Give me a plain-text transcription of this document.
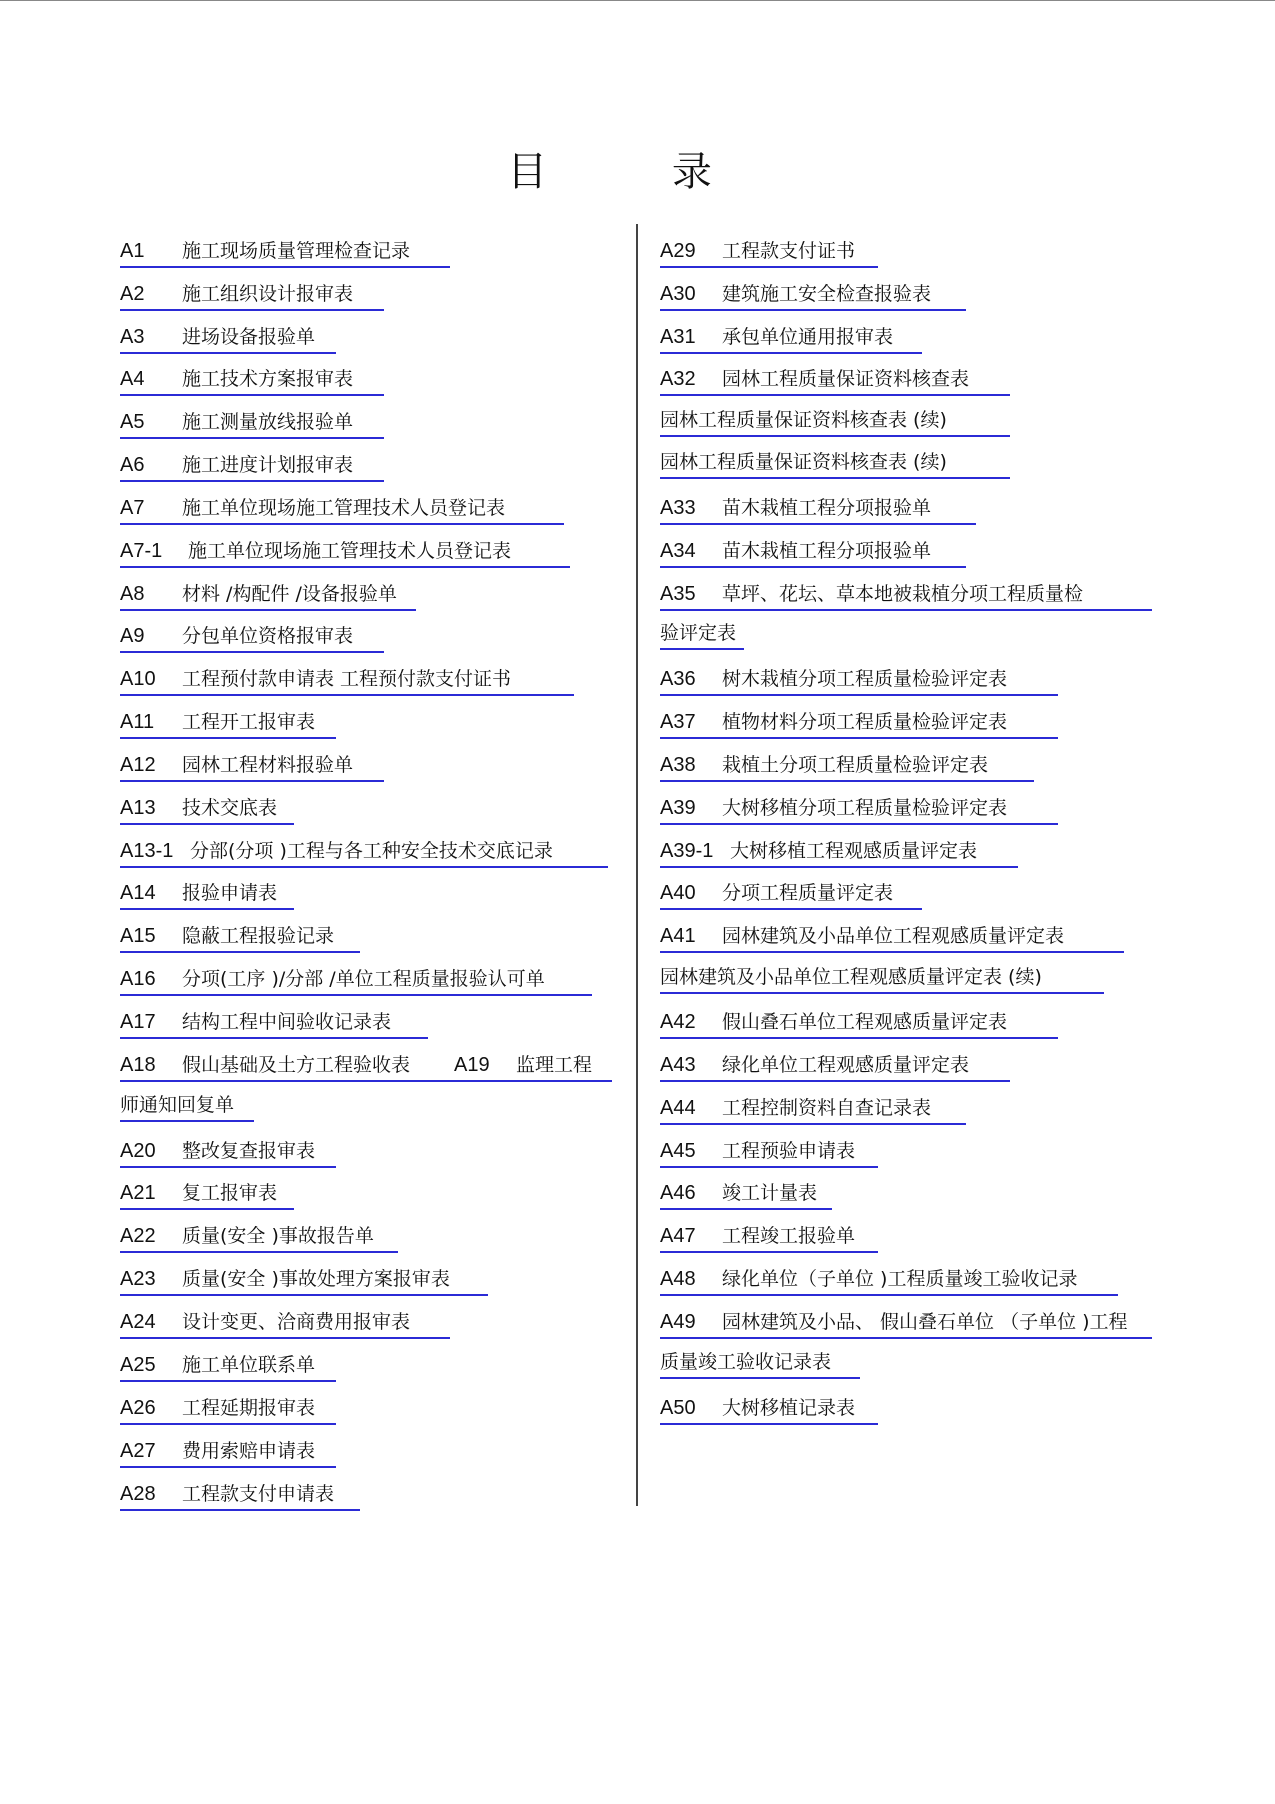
目 录
A1 施工现场质量管理检查记录
A2 施工组织设计报审表
A3 进场设备报验单
A4 施工技术方案报审表
A5 施工测量放线报验单
A6 施工进度计划报审表
A7 施工单位现场施工管理技术人员登记表
A7-1 施工单位现场施工管理技术人员登记表
A8 材料 /构配件 /设备报验单
A9 分包单位资格报审表
A10 工程预付款申请表 工程预付款支付证书
A11 工程开工报审表
A12 园林工程材料报验单
A13 技术交底表
A13-1 分部(分项 )工程与各工种安全技术交底记录
A14 报验申请表
A15 隐蔽工程报验记录
A16 分项(工序 )/分部 /单位工程质量报验认可单
A17 结构工程中间验收记录表
A18 假山基础及土方工程验收表 A19 监理工程
师通知回复单
A20 整改复查报审表
A21 复工报审表
A22 质量(安全 )事故报告单
A23 质量(安全 )事故处理方案报审表
A24 设计变更、洽商费用报审表
A25 施工单位联系单
A26 工程延期报审表
A27 费用索赔申请表
A28 工程款支付申请表
A29 工程款支付证书
A30 建筑施工安全检查报验表
A31 承包单位通用报审表
A32 园林工程质量保证资料核查表
园林工程质量保证资料核查表 (续)
园林工程质量保证资料核查表 (续)
A33 苗木栽植工程分项报验单
A34 苗木栽植工程分项报验单
A35 草坪、花坛、草本地被栽植分项工程质量检
验评定表
A36 树木栽植分项工程质量检验评定表
A37 植物材料分项工程质量检验评定表
A38 栽植土分项工程质量检验评定表
A39 大树移植分项工程质量检验评定表
A39-1 大树移植工程观感质量评定表
A40 分项工程质量评定表
A41 园林建筑及小品单位工程观感质量评定表
园林建筑及小品单位工程观感质量评定表 (续)
A42 假山叠石单位工程观感质量评定表
A43 绿化单位工程观感质量评定表
A44 工程控制资料自查记录表
A45 工程预验申请表
A46 竣工计量表
A47 工程竣工报验单
A48 绿化单位（子单位 )工程质量竣工验收记录
A49 园林建筑及小品、 假山叠石单位 （子单位 )工程
质量竣工验收记录表
A50 大树移植记录表
